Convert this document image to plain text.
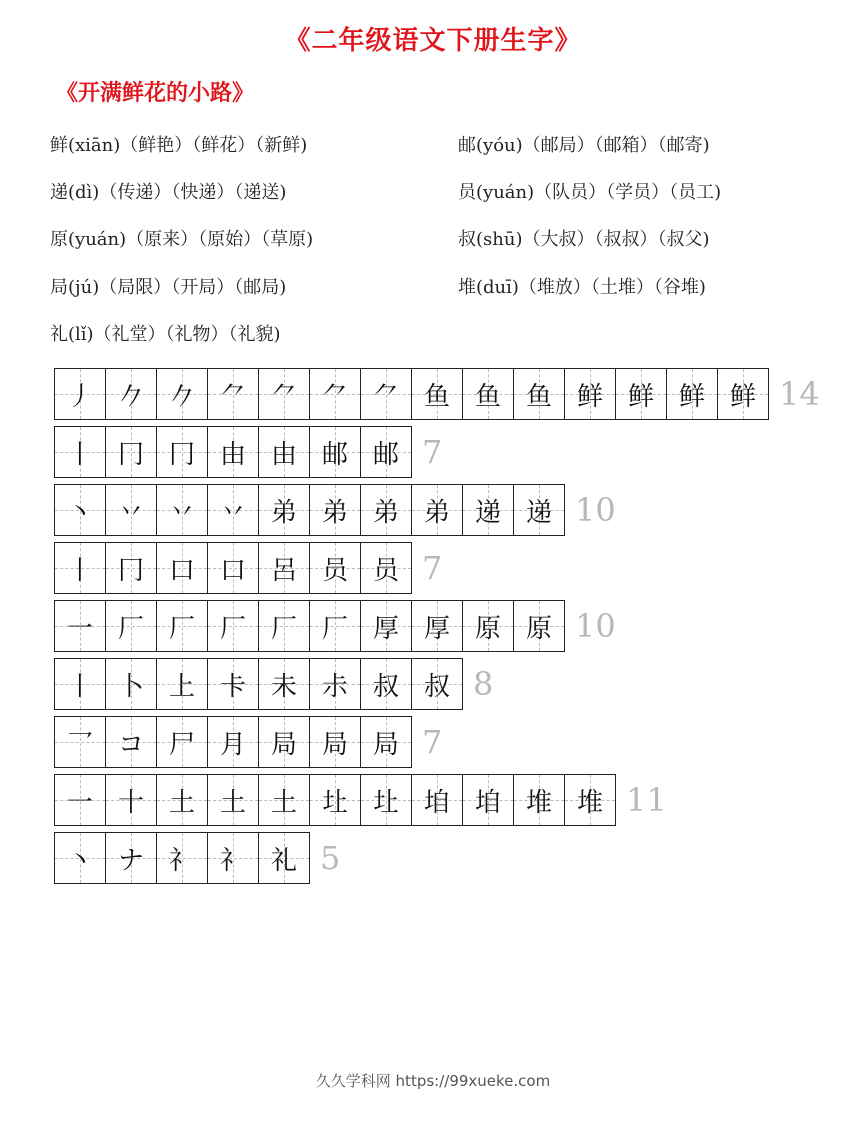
《二年级语文下册生字》
《开满鲜花的小路》
鲜(xiān)（鲜艳）（鲜花）（新鲜)
递(dì)（传递）（快递）（递送)
原(yuán)（原来）（原始）（草原)
局(jú)（局限）（开局）（邮局)
礼(lǐ)（礼堂）（礼物）（礼貌)
邮(yóu)（邮局）（邮箱）（邮寄)
员(yuán)（队员）（学员）（员工)
叔(shū)（大叔）（叔叔）（叔父)
堆(duī)（堆放）（土堆）（谷堆)
丿 𠂊 𠂊 ⺈ ⺈ ⺈ ⺈ 鱼 鱼 鱼 鲜 鲜 鲜 鲜 14
丨 冂 冂 由 由 邮 邮 7
丶 丷 丷 丷 弟 弟 弟 弟 递 递 10
丨 冂 口 口 呂 员 员 7
一 厂 厂 厂 厂 厂 厚 厚 原 原 10
丨 卜 上 卡 未 尗 叔 叔 8
乛 コ 尸 月 局 局 局 7
一 十 土 土 土 圵 圵 垍 垍 堆 堆 11
丶 ナ 礻 礻 礼 5
久久学科网 https://99xueke.com
